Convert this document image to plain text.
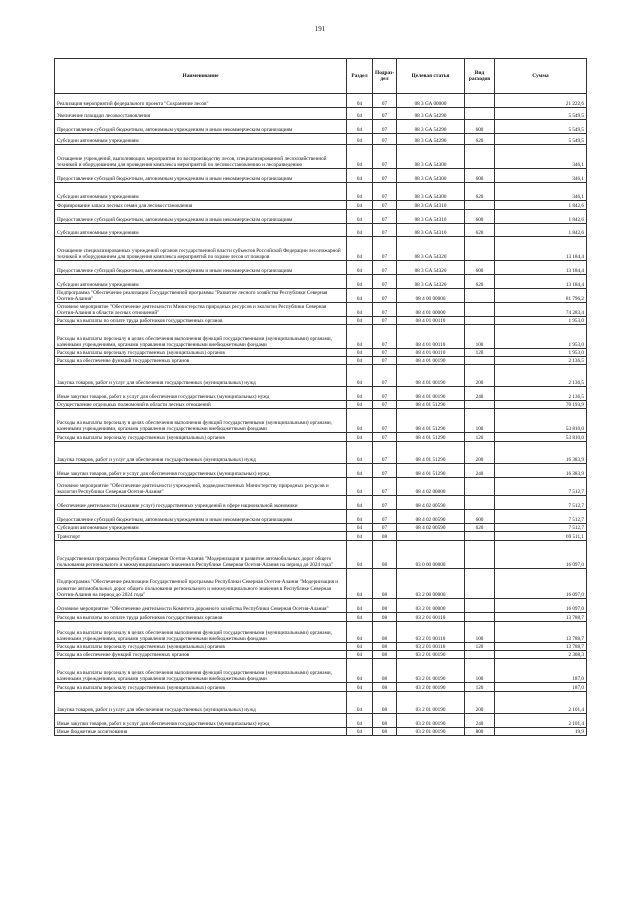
191
Наименование	Раздел	Подраз-дел	Целевая статья	Вид расходов	Сумма
Реализация мероприятий федерального проекта "Сохранение лесов"	04	07	08 3 GA 00000		21 222,6
Увеличение площади лесовосстановления	04	07	08 3 GA 54290		5 549,5
Предоставление субсидий бюджетным, автономным учреждениям и иным некоммерческим организациям	04	07	08 3 GA 54290	600	5 549,5
Субсидии автономным учреждениям	04	07	08 3 GA 54290	620	5 549,5
Оснащение учреждений, выполняющих мероприятия по воспроизводству лесов, специализированной лесохозяйственной техникой и оборудованием для проведения комплекса мероприятий по лесовосстановлению и лесоразведению	04	07	08 3 GA 54300		346,1
Предоставление субсидий бюджетным, автономным учреждениям и иным некоммерческим организациям	04	07	08 3 GA 54300	600	346,1
Субсидии автономным учреждениям	04	07	08 3 GA 54300	620	346,1
Формирование запаса лесных семян для лесовосстановления	04	07	08 3 GA 54310		1 842,6
Предоставление субсидий бюджетным, автономным учреждениям и иным некоммерческим организациям	04	07	08 3 GA 54310	600	1 842,6
Субсидии автономным учреждениям	04	07	08 3 GA 54310	620	1 842,6
Оснащение специализированных учреждений органов государственной власти субъектов Российской Федерации лесопожарной техникой и оборудованием для проведения комплекса мероприятий по охране лесов от пожаров	04	07	08 3 GA 54320		13 184,4
Предоставление субсидий бюджетным, автономным учреждениям и иным некоммерческим организациям	04	07	08 3 GA 54320	600	13 184,4
Субсидии автономным учреждениям	04	07	08 3 GA 54320	620	13 184,4
Подпрограмма "Обеспечение реализации Государственной программы "Развитие лесного хозяйства Республики Северная Осетия-Алания"	04	07	08 4 00 00000		81 796,2
Основное мероприятие "Обеспечение деятельности Министерства природных ресурсов и экологии Республики Северная Осетия-Алания в области лесных отношений"	04	07	08 4 01 00000		74 283,4
Расходы на выплаты по оплате труда работников государственных органов	04	07	08 4 01 00110		1 953,0
Расходы на выплаты персоналу в целях обеспечения выполнения функций государственными (муниципальными) органами, казенными учреждениями, органами управления государственными внебюджетными фондами	04	07	08 4 01 00110	100	1 953,0
Расходы на выплаты персоналу государственных (муниципальных) органов	04	07	08 4 01 00110	120	1 953,0
Расходы на обеспечение функций государственных органов	04	07	08 4 01 00190		2 136,5
Закупка товаров, работ и услуг для обеспечения государственных (муниципальных) нужд	04	07	08 4 01 00190	200	2 136,5
Иные закупки товаров, работ и услуг для обеспечения государственных (муниципальных) нужд	04	07	08 4 01 00190	240	2 136,5
Осуществление отдельных полномочий в области лесных отношений	04	07	08 4 01 51290		70 193,9
Расходы на выплаты персоналу в целях обеспечения выполнения функций государственными (муниципальными) органами, казенными учреждениями, органами управления государственными внебюджетными фондами	04	07	08 4 01 51290	100	53 810,0
Расходы на выплаты персоналу государственных (муниципальных) органов	04	07	08 4 01 51290	120	53 810,0
Закупка товаров, работ и услуг для обеспечения государственных (муниципальных) нужд	04	07	08 4 01 51290	200	16 383,9
Иные закупки товаров, работ и услуг для обеспечения государственных (муниципальных) нужд	04	07	08 4 01 51290	240	16 383,9
Основное мероприятие "Обеспечение деятельности учреждений, подведомственных Министерству природных ресурсов и экологии Республики Северная Осетия-Алания"	04	07	08 4 02 00000		7 512,7
Обеспечение деятельности (оказание услуг) государственных учреждений в сфере национальной экономики	04	07	08 4 02 00590		7 512,7
Предоставление субсидий бюджетным, автономным учреждениям и иным некоммерческим организациям	04	07	08 4 02 00590	600	7 512,7
Субсидии автономным учреждениям	04	07	08 4 02 00590	620	7 512,7
Транспорт	04	08			69 511,1
Государственная программа Республики Северная Осетия-Алания "Модернизация и развитие автомобильных дорог общего пользования регионального и межмуниципального значения в Республике Северная Осетия-Алания на период до 2024 года"	04	08	03 0 00 00000		16 097,0
Подпрограмма "Обеспечение реализации Государственной программы Республики Северная Осетия-Алания "Модернизация и развитие автомобильных дорог общего пользования регионального и межмуниципального значения в Республике Северная Осетия-Алания на период до 2024 года"	04	08	03 2 00 00000		16 097,0
Основное мероприятие "Обеспечение деятельности Комитета дорожного хозяйства Республики Северная Осетия-Алания"	04	08	03 2 01 00000		16 097,0
Расходы на выплаты по оплате труда работников государственных органов	04	08	03 2 01 00110		13 788,7
Расходы на выплаты персоналу в целях обеспечения выполнения функций государственными (муниципальными) органами, казенными учреждениями, органами управления государственными внебюджетными фондами	04	08	03 2 01 00110	100	13 788,7
Расходы на выплаты персоналу государственных (муниципальных) органов	04	08	03 2 01 00110	120	13 788,7
Расходы на обеспечение функций государственных органов	04	08	03 2 01 00190		2 308,3
Расходы на выплаты персоналу в целях обеспечения выполнения функций государственными (муниципальными) органами, казенными учреждениями, органами управления государственными внебюджетными фондами	04	08	03 2 01 00190	100	187,0
Расходы на выплаты персоналу государственных (муниципальных) органов	04	08	03 2 01 00190	120	187,0
Закупка товаров, работ и услуг для обеспечения государственных (муниципальных) нужд	04	08	03 2 01 00190	200	2 101,4
Иные закупки товаров, работ и услуг для обеспечения государственных (муниципальных) нужд	04	08	03 2 01 00190	240	2 101,4
Иные бюджетные ассигнования	04	08	03 2 01 00190	800	19,9
